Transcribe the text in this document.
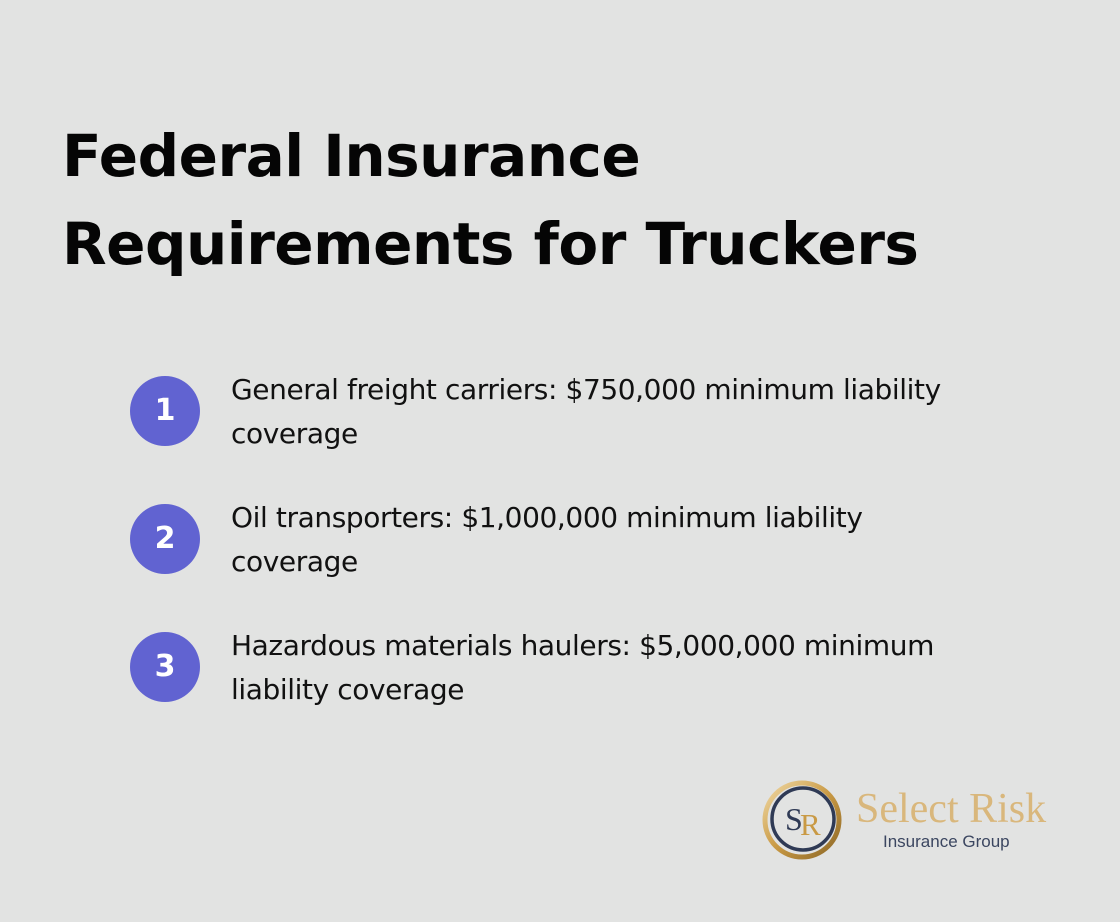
Federal Insurance
Requirements for Truckers
1
General freight carriers: $750,000 minimum liability
coverage
2
Oil transporters: $1,000,000 minimum liability
coverage
3
Hazardous materials haulers: $5,000,000 minimum
liability coverage
S
R Select Risk
Insurance Group
